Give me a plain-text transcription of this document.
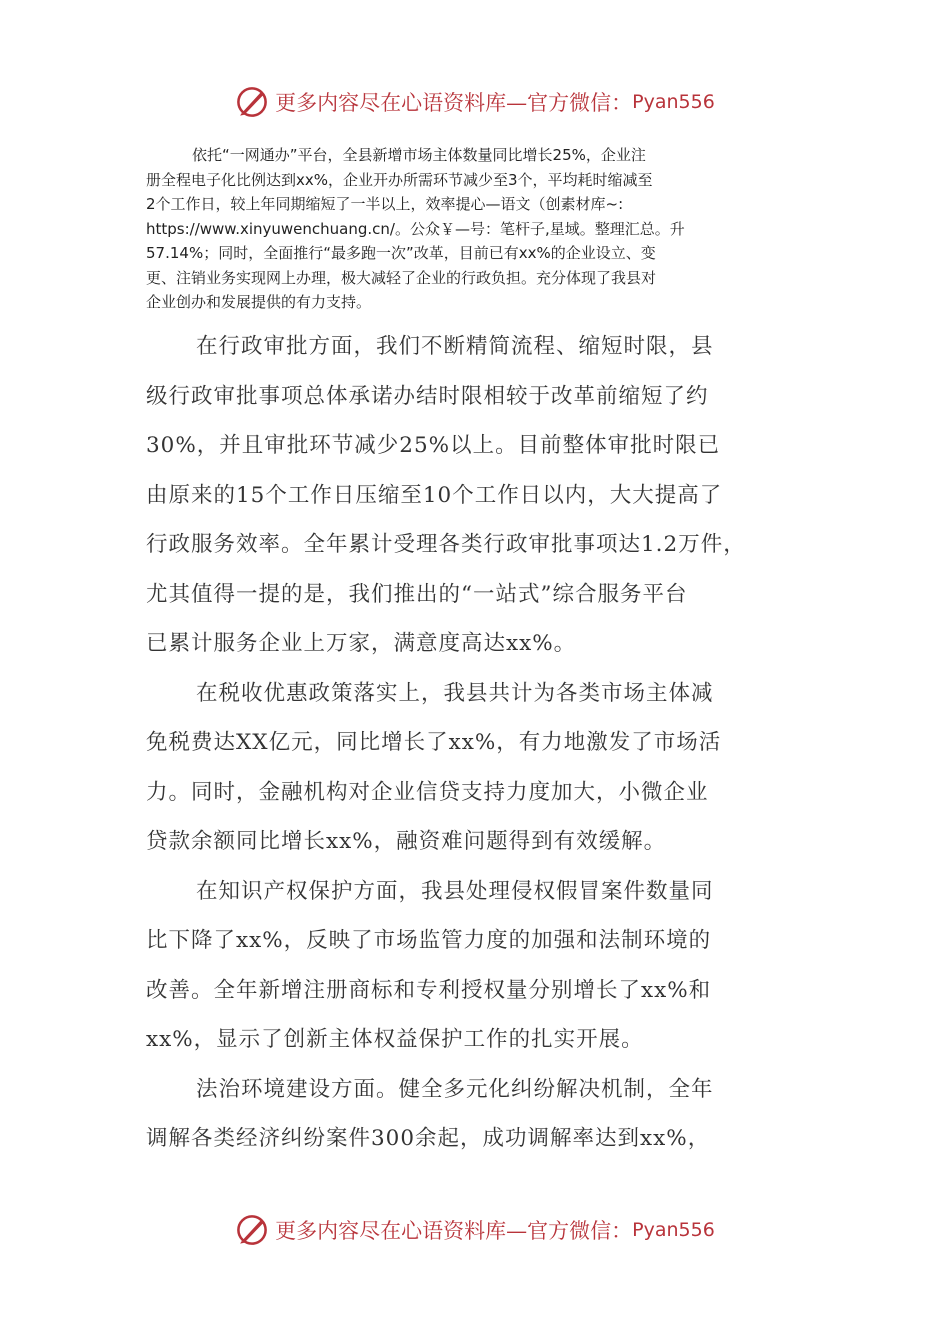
更多内容尽在心语资料库—官方微信： Pyan556
依托“一网通办”平台，全县新增市场主体数量同比增长25%，企业注
册全程电子化比例达到xx%，企业开办所需环节减少至3个，平均耗时缩减至
2个工作日，较上年同期缩短了一半以上，效率提心—语文（创素材库~:
https://www.xinyuwenchuang.cn/。公众￥—号：笔杆子,星域。整理汇总。升
57.14%；同时，全面推行“最多跑一次”改革，目前已有xx%的企业设立、变
更、注销业务实现网上办理，极大减轻了企业的行政负担。充分体现了我县对
企业创办和发展提供的有力支持。
在行政审批方面，我们不断精简流程、缩短时限，县
级行政审批事项总体承诺办结时限相较于改革前缩短了约
30%，并且审批环节减少25%以上。目前整体审批时限已
由原来的15个工作日压缩至10个工作日以内，大大提高了
行政服务效率。全年累计受理各类行政审批事项达1.2万件，
尤其值得一提的是，我们推出的“一站式”综合服务平台
已累计服务企业上万家，满意度高达xx%。
在税收优惠政策落实上，我县共计为各类市场主体减
免税费达XX亿元，同比增长了xx%，有力地激发了市场活
力。同时，金融机构对企业信贷支持力度加大，小微企业
贷款余额同比增长xx%，融资难问题得到有效缓解。
在知识产权保护方面，我县处理侵权假冒案件数量同
比下降了xx%，反映了市场监管力度的加强和法制环境的
改善。全年新增注册商标和专利授权量分别增长了xx%和
xx%，显示了创新主体权益保护工作的扎实开展。
法治环境建设方面。健全多元化纠纷解决机制，全年
调解各类经济纠纷案件300余起，成功调解率达到xx%，
更多内容尽在心语资料库—官方微信： Pyan556
